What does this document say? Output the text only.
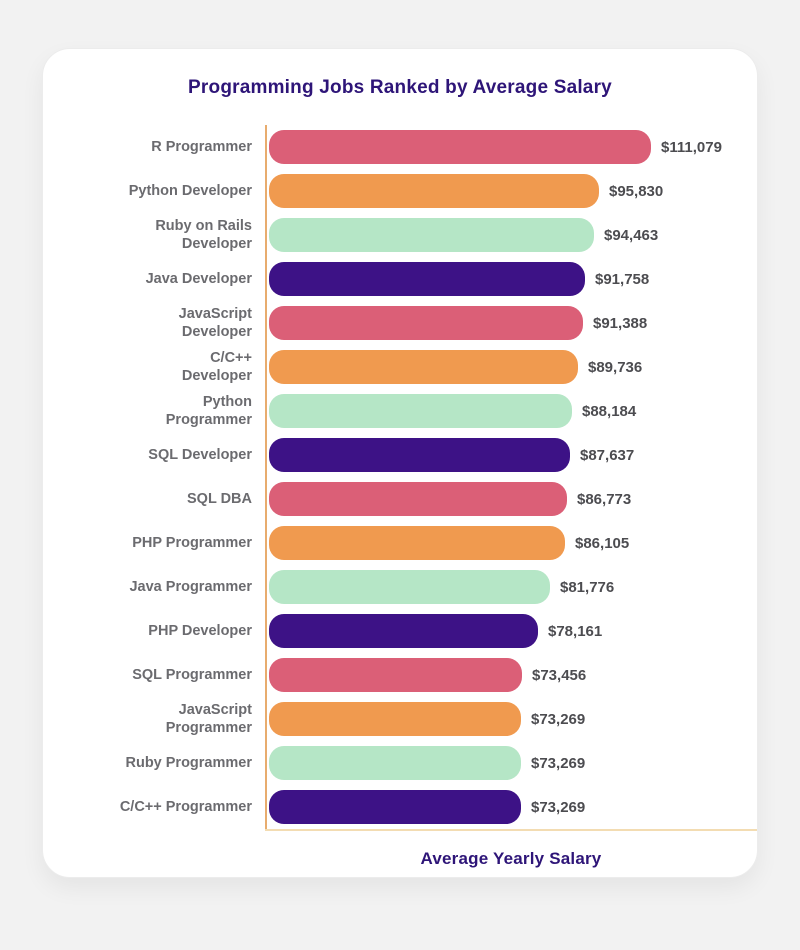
Programming Jobs Ranked by Average Salary
R Programmer	$111,079
Python Developer	$95,830
Ruby on Rails
Developer
$94,463
Java Developer	$91,758
JavaScript
Developer
$91,388
C/C++
Developer
$89,736
Python
Programmer
$88,184
SQL Developer	$87,637
SQL DBA	$86,773
PHP Programmer	$86,105
Java Programmer	$81,776
PHP Developer	$78,161
SQL Programmer	$73,456
JavaScript
Programmer
$73,269
Ruby Programmer	$73,269
C/C++ Programmer	$73,269
Average Yearly Salary
